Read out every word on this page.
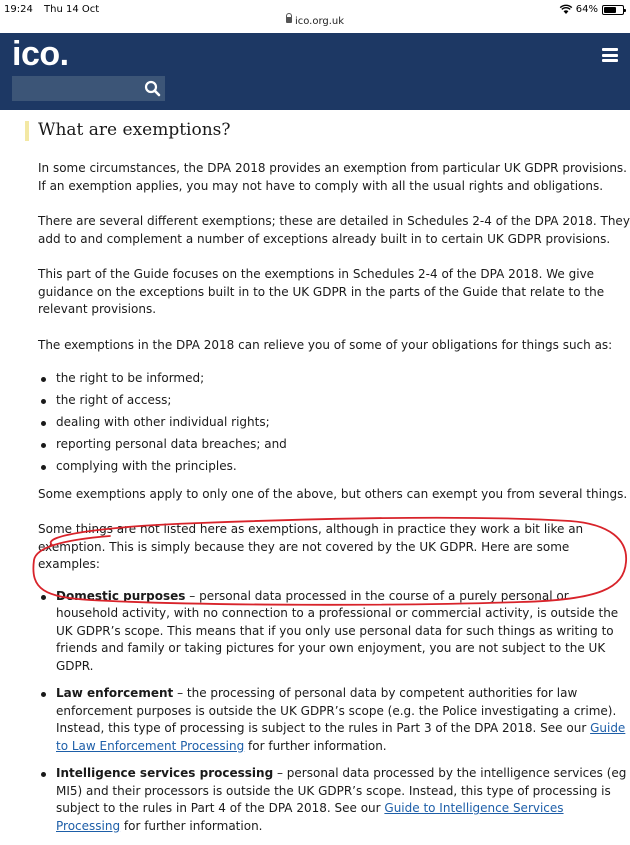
19:24 Thu 14 Oct
ico.org.uk
64%
ico.
What are exemptions?

In some circumstances, the DPA 2018 provides an exemption from particular UK GDPR provisions. If an exemption applies, you may not have to comply with all the usual rights and obligations.

There are several different exemptions; these are detailed in Schedules 2-4 of the DPA 2018. They add to and complement a number of exceptions already built in to certain UK GDPR provisions.

This part of the Guide focuses on the exemptions in Schedules 2-4 of the DPA 2018. We give guidance on the exceptions built in to the UK GDPR in the parts of the Guide that relate to the relevant provisions.

The exemptions in the DPA 2018 can relieve you of some of your obligations for things such as:

the right to be informed;
the right of access;
dealing with other individual rights;
reporting personal data breaches; and
complying with the principles.

Some exemptions apply to only one of the above, but others can exempt you from several things.

Some things are not listed here as exemptions, although in practice they work a bit like an exemption. This is simply because they are not covered by the UK GDPR. Here are some examples:

Domestic purposes – personal data processed in the course of a purely personal or household activity, with no connection to a professional or commercial activity, is outside the UK GDPR’s scope. This means that if you only use personal data for such things as writing to friends and family or taking pictures for your own enjoyment, you are not subject to the UK GDPR.
Law enforcement – the processing of personal data by competent authorities for law enforcement purposes is outside the UK GDPR’s scope (e.g. the Police investigating a crime). Instead, this type of processing is subject to the rules in Part 3 of the DPA 2018. See our Guide to Law Enforcement Processing for further information.
Intelligence services processing – personal data processed by the intelligence services (eg MI5) and their processors is outside the UK GDPR’s scope. Instead, this type of processing is subject to the rules in Part 4 of the DPA 2018. See our Guide to Intelligence Services Processing for further information.
